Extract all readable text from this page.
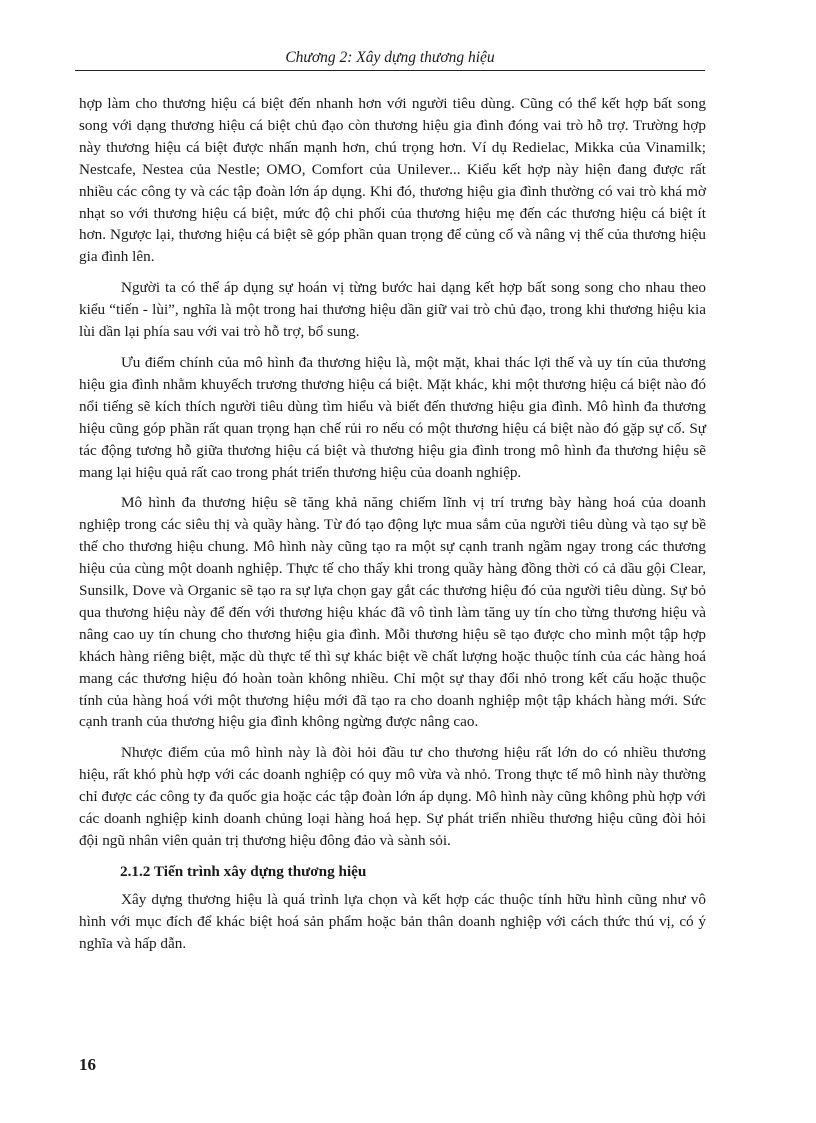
Chương 2: Xây dựng thương hiệu

hợp làm cho thương hiệu cá biệt đến nhanh hơn với người tiêu dùng. Cũng có thể kết hợp bất song song với dạng thương hiệu cá biệt chủ đạo còn thương hiệu gia đình đóng vai trò hỗ trợ. Trường hợp này thương hiệu cá biệt được nhấn mạnh hơn, chú trọng hơn. Ví dụ Redielac, Mikka của Vinamilk; Nestcafe, Nestea của Nestle; OMO, Comfort của Unilever... Kiểu kết hợp này hiện đang được rất nhiều các công ty và các tập đoàn lớn áp dụng. Khi đó, thương hiệu gia đình thường có vai trò khá mờ nhạt so với thương hiệu cá biệt, mức độ chi phối của thương hiệu mẹ đến các thương hiệu cá biệt ít hơn. Ngược lại, thương hiệu cá biệt sẽ góp phần quan trọng để củng cố và nâng vị thế của thương hiệu gia đình lên.

Người ta có thể áp dụng sự hoán vị từng bước hai dạng kết hợp bất song song cho nhau theo kiểu “tiến - lùi”, nghĩa là một trong hai thương hiệu dần giữ vai trò chủ đạo, trong khi thương hiệu kia lùi dần lại phía sau với vai trò hỗ trợ, bổ sung.

Ưu điểm chính của mô hình đa thương hiệu là, một mặt, khai thác lợi thế và uy tín của thương hiệu gia đình nhằm khuyếch trương thương hiệu cá biệt. Mặt khác, khi một thương hiệu cá biệt nào đó nổi tiếng sẽ kích thích người tiêu dùng tìm hiểu và biết đến thương hiệu gia đình. Mô hình đa thương hiệu cũng góp phần rất quan trọng hạn chế rủi ro nếu có một thương hiệu cá biệt nào đó gặp sự cố. Sự tác động tương hỗ giữa thương hiệu cá biệt và thương hiệu gia đình trong mô hình đa thương hiệu sẽ mang lại hiệu quả rất cao trong phát triển thương hiệu của doanh nghiệp.

Mô hình đa thương hiệu sẽ tăng khả năng chiếm lĩnh vị trí trưng bày hàng hoá của doanh nghiệp trong các siêu thị và quầy hàng. Từ đó tạo động lực mua sắm của người tiêu dùng và tạo sự bề thế cho thương hiệu chung. Mô hình này cũng tạo ra một sự cạnh tranh ngầm ngay trong các thương hiệu của cùng một doanh nghiệp. Thực tế cho thấy khi trong quầy hàng đồng thời có cả dầu gội Clear, Sunsilk, Dove và Organic sẽ tạo ra sự lựa chọn gay gắt các thương hiệu đó của người tiêu dùng. Sự bỏ qua thương hiệu này để đến với thương hiệu khác đã vô tình làm tăng uy tín cho từng thương hiệu và nâng cao uy tín chung cho thương hiệu gia đình. Mỗi thương hiệu sẽ tạo được cho mình một tập hợp khách hàng riêng biệt, mặc dù thực tế thì sự khác biệt về chất lượng hoặc thuộc tính của các hàng hoá mang các thương hiệu đó hoàn toàn không nhiều. Chỉ một sự thay đổi nhỏ trong kết cấu hoặc thuộc tính của hàng hoá với một thương hiệu mới đã tạo ra cho doanh nghiệp một tập khách hàng mới. Sức cạnh tranh của thương hiệu gia đình không ngừng được nâng cao.

Nhược điểm của mô hình này là đòi hỏi đầu tư cho thương hiệu rất lớn do có nhiều thương hiệu, rất khó phù hợp với các doanh nghiệp có quy mô vừa và nhỏ. Trong thực tế mô hình này thường chỉ được các công ty đa quốc gia hoặc các tập đoàn lớn áp dụng. Mô hình này cũng không phù hợp với các doanh nghiệp kinh doanh chủng loại hàng hoá hẹp. Sự phát triển nhiều thương hiệu cũng đòi hỏi đội ngũ nhân viên quản trị thương hiệu đông đảo và sành sỏi.

2.1.2 Tiến trình xây dựng thương hiệu

Xây dựng thương hiệu là quá trình lựa chọn và kết hợp các thuộc tính hữu hình cũng như vô hình với mục đích để khác biệt hoá sản phẩm hoặc bản thân doanh nghiệp với cách thức thú vị, có ý nghĩa và hấp dẫn.

16
